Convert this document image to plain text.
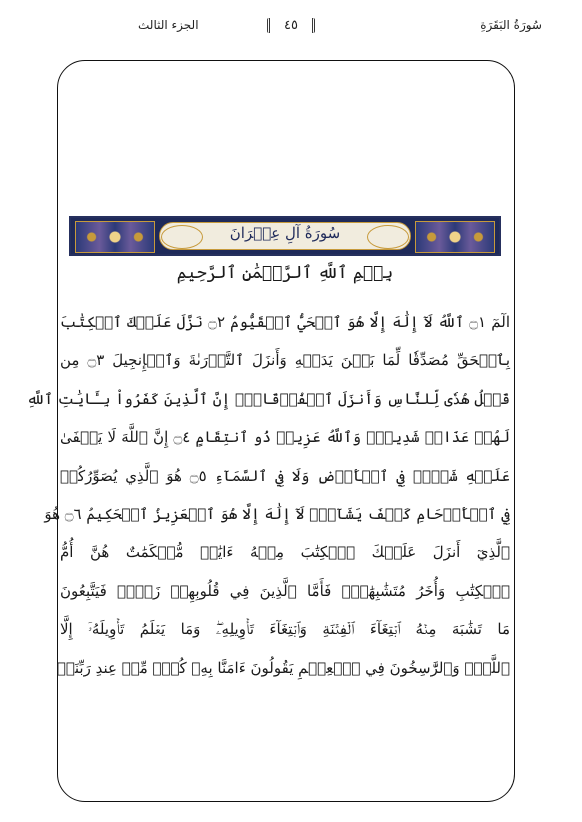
سُورَةُ البَقَرَةِ
٤٥
الجزء الثالث
سُورَةُ آلِ عِمۡرَانَ
بِسۡمِ ٱللَّهِ ٱلرَّحۡمَٰنِ ٱلرَّحِيمِ
الٓمٓ ۝١ ٱللَّهُ لَآ إِلَٰهَ إِلَّا هُوَ ٱلۡحَيُّ ٱلۡقَيُّومُ ۝٢ نَزَّلَ عَلَيۡكَ ٱلۡكِتَٰبَ
بِٱلۡحَقِّ مُصَدِّقٗا لِّمَا بَيۡنَ يَدَيۡهِ وَأَنزَلَ ٱلتَّوۡرَىٰةَ وَٱلۡإِنجِيلَ ۝٣ مِن
قَبۡلُ هُدٗى لِّلنَّاسِ وَأَنزَلَ ٱلۡفُرۡقَانَۗ إِنَّ ٱلَّذِينَ كَفَرُواْ بِـَٔايَٰتِ ٱللَّهِ
لَهُمۡ عَذَابٞ شَدِيدٞۗ وَٱللَّهُ عَزِيزٞ ذُو ٱنتِقَامٍ ۝٤ إِنَّ ٱللَّهَ لَا يَخۡفَىٰ
عَلَيۡهِ شَيۡءٞ فِي ٱلۡأَرۡضِ وَلَا فِي ٱلسَّمَآءِ ۝٥ هُوَ ٱلَّذِي يُصَوِّرُكُمۡ
فِي ٱلۡأَرۡحَامِ كَيۡفَ يَشَآءُۚ لَآ إِلَٰهَ إِلَّا هُوَ ٱلۡعَزِيزُ ٱلۡحَكِيمُ ۝٦ هُوَ
ٱلَّذِيٓ أَنزَلَ عَلَيۡكَ ٱلۡكِتَٰبَ مِنۡهُ ءَايَٰتٞ مُّحۡكَمَٰتٌ هُنَّ أُمُّ
ٱلۡكِتَٰبِ وَأُخَرُ مُتَشَٰبِهَٰتٞۖ فَأَمَّا ٱلَّذِينَ فِي قُلُوبِهِمۡ زَيۡغٞ فَيَتَّبِعُونَ
مَا تَشَٰبَهَ مِنۡهُ ٱبۡتِغَآءَ ٱلۡفِتۡنَةِ وَٱبۡتِغَآءَ تَأۡوِيلِهِۦۖ وَمَا يَعۡلَمُ تَأۡوِيلَهُۥٓ إِلَّا
ٱللَّهُۗ وَٱلرَّٰسِخُونَ فِي ٱلۡعِلۡمِ يَقُولُونَ ءَامَنَّا بِهِۦ كُلّٞ مِّنۡ عِندِ رَبِّنَاۗ
